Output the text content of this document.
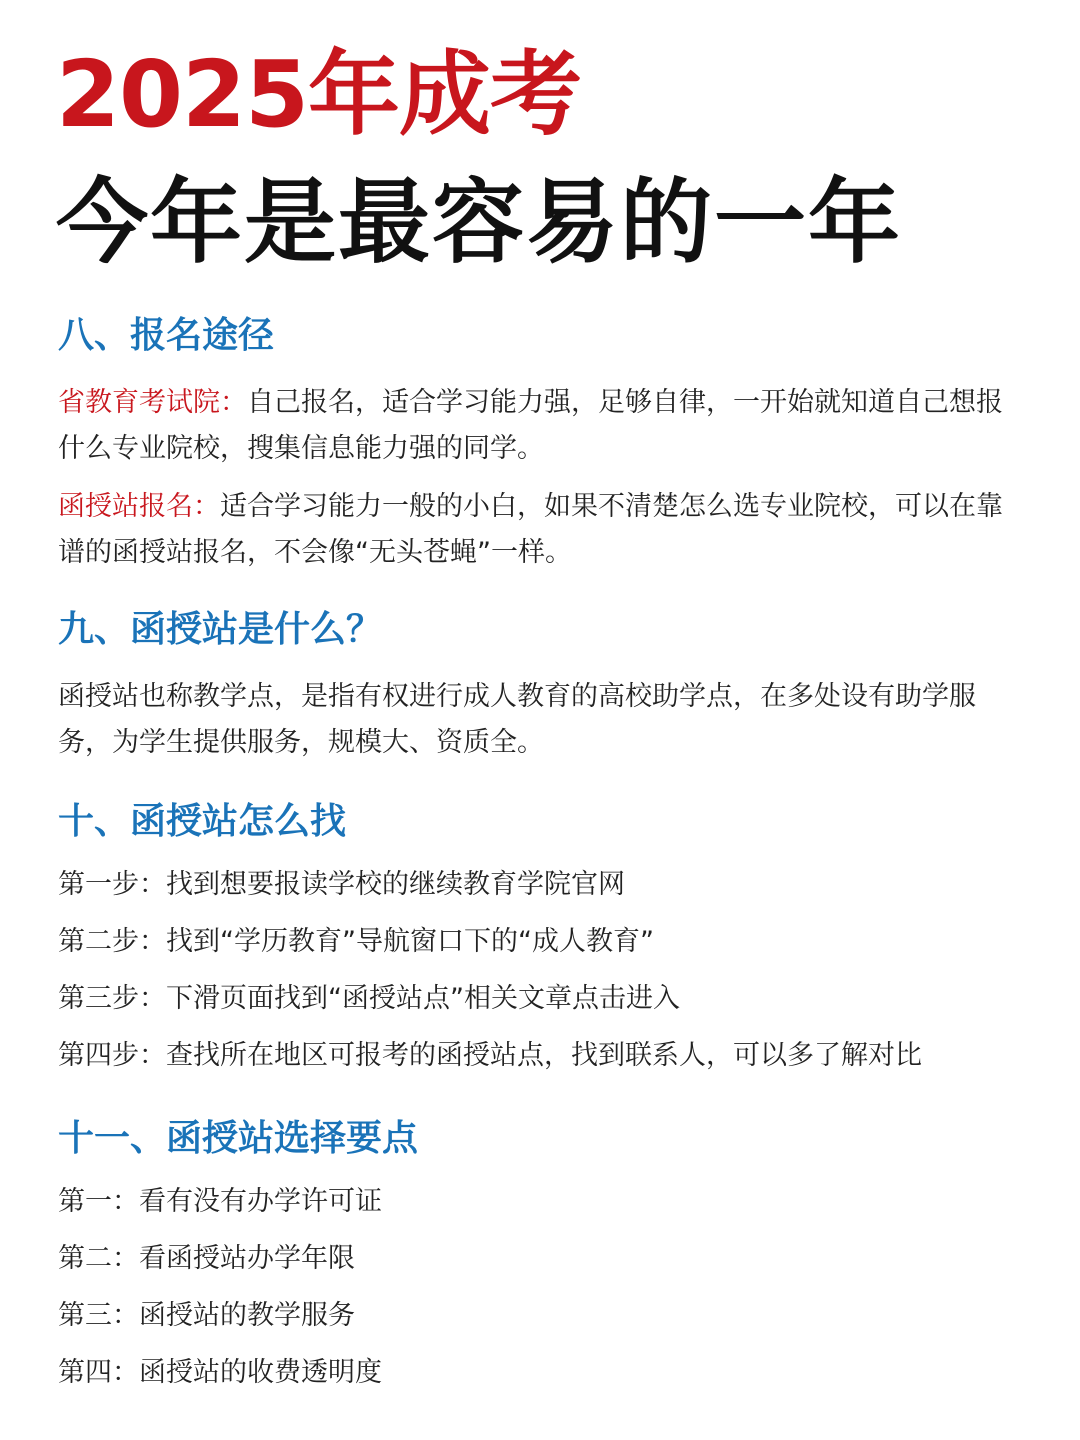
2025年成考
今年是最容易的一年
八、报名途径

省教育考试院：自己报名，适合学习能力强，足够自律，一开始就知道自己想报什么专业院校，搜集信息能力强的同学。

函授站报名：适合学习能力一般的小白，如果不清楚怎么选专业院校，可以在靠谱的函授站报名，不会像“无头苍蝇”一样。

九、函授站是什么？

函授站也称教学点，是指有权进行成人教育的高校助学点，在多处设有助学服务，为学生提供服务，规模大、资质全。

十、函授站怎么找

第一步：找到想要报读学校的继续教育学院官网

第二步：找到“学历教育”导航窗口下的“成人教育”

第三步：下滑页面找到“函授站点”相关文章点击进入

第四步：查找所在地区可报考的函授站点，找到联系人，可以多了解对比

十一、函授站选择要点

第一：看有没有办学许可证

第二：看函授站办学年限

第三：函授站的教学服务

第四：函授站的收费透明度
